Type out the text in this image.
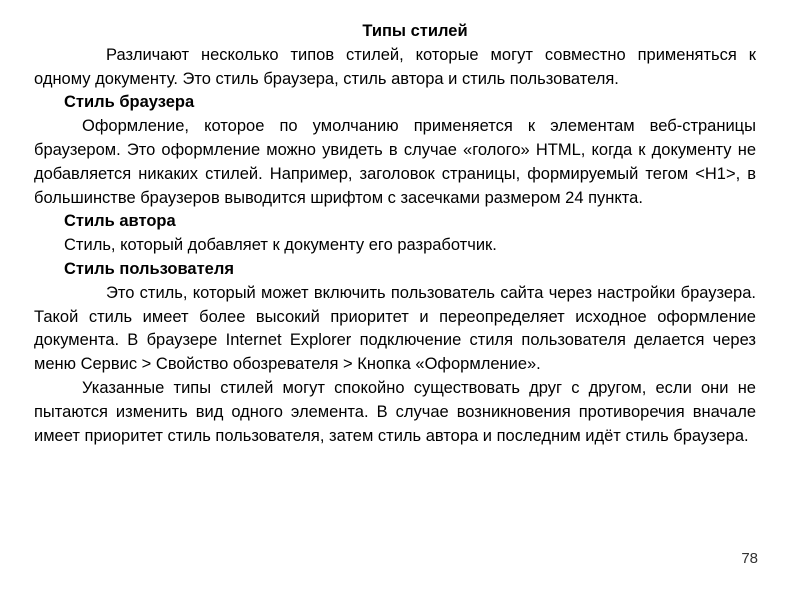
Типы стилей

Различают несколько типов стилей, которые могут совместно применяться к одному документу. Это стиль браузера, стиль автора и стиль пользователя.

Стиль браузера

Оформление, которое по умолчанию применяется к элементам веб-страницы браузером. Это оформление можно увидеть в случае «голого» HTML, когда к документу не добавляется никаких стилей. Например, заголовок страницы, формируемый тегом <H1>, в большинстве браузеров выводится шрифтом с засечками размером 24 пункта.

Стиль автора

Стиль, который добавляет к документу его разработчик.

Стиль пользователя

Это стиль, который может включить пользователь сайта через настройки браузера. Такой стиль имеет более высокий приоритет и переопределяет исходное оформление документа. В браузере Internet Explorer подключение стиля пользователя делается через меню Сервис > Свойство обозревателя > Кнопка «Оформление».

Указанные типы стилей могут спокойно существовать друг с другом, если они не пытаются изменить вид одного элемента. В случае возникновения противоречия вначале имеет приоритет стиль пользователя, затем стиль автора и последним идёт стиль браузера.

78
